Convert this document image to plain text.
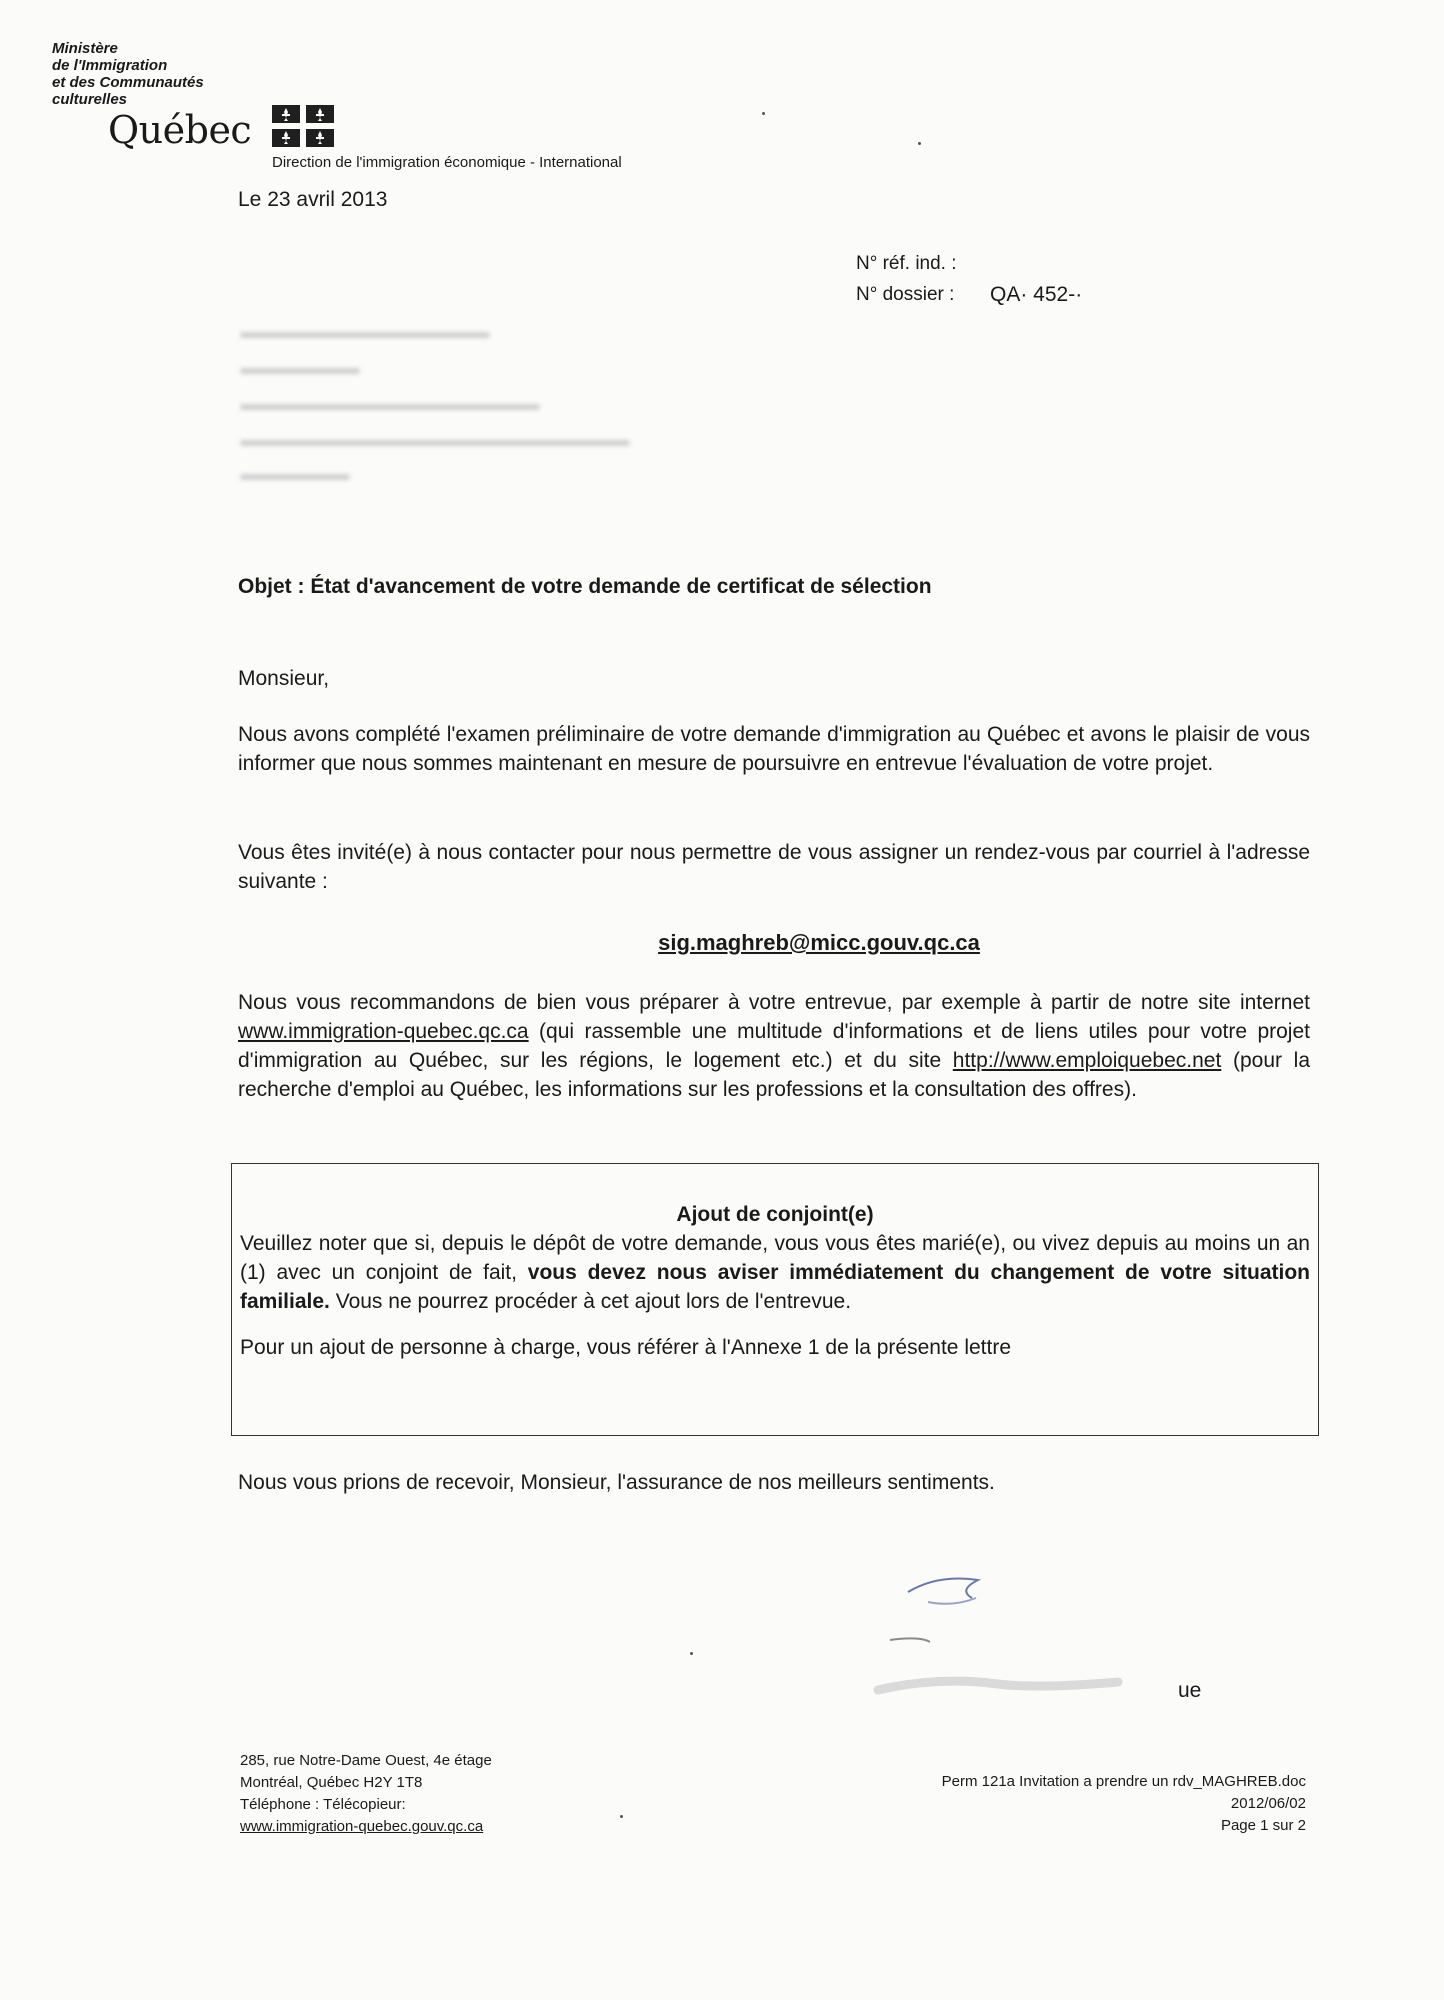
Ministère
de l'Immigration
et des Communautés
culturelles
Québec
Direction de l'immigration économique - International
Le 23 avril 2013
N° réf. ind. :
N° dossier :	QA· 452-·
Objet : État d'avancement de votre demande de certificat de sélection
Monsieur,

Nous avons complété l'examen préliminaire de votre demande d'immigration au Québec et avons le plaisir de vous informer que nous sommes maintenant en mesure de poursuivre en entrevue l'évaluation de votre projet.

Vous êtes invité(e) à nous contacter pour nous permettre de vous assigner un rendez-vous par courriel à l'adresse suivante :

sig.maghreb@micc.gouv.qc.ca

Nous vous recommandons de bien vous préparer à votre entrevue, par exemple à partir de notre site internet www.immigration-quebec.qc.ca (qui rassemble une multitude d'informations et de liens utiles pour votre projet d'immigration au Québec, sur les régions, le logement etc.) et du site http://www.emploiquebec.net (pour la recherche d'emploi au Québec, les informations sur les professions et la consultation des offres).

Ajout de conjoint(e)

Veuillez noter que si, depuis le dépôt de votre demande, vous vous êtes marié(e), ou vivez depuis au moins un an (1) avec un conjoint de fait, vous devez nous aviser immédiatement du changement de votre situation familiale. Vous ne pourrez procéder à cet ajout lors de l'entrevue.

Pour un ajout de personne à charge, vous référer à l'Annexe 1 de la présente lettre

Nous vous prions de recevoir, Monsieur, l'assurance de nos meilleurs sentiments.
ue
285, rue Notre-Dame Ouest, 4e étage
Montréal, Québec H2Y 1T8
Téléphone : Télécopieur:
www.immigration-quebec.gouv.qc.ca
Perm 121a Invitation a prendre un rdv_MAGHREB.doc
2012/06/02
Page 1 sur 2
